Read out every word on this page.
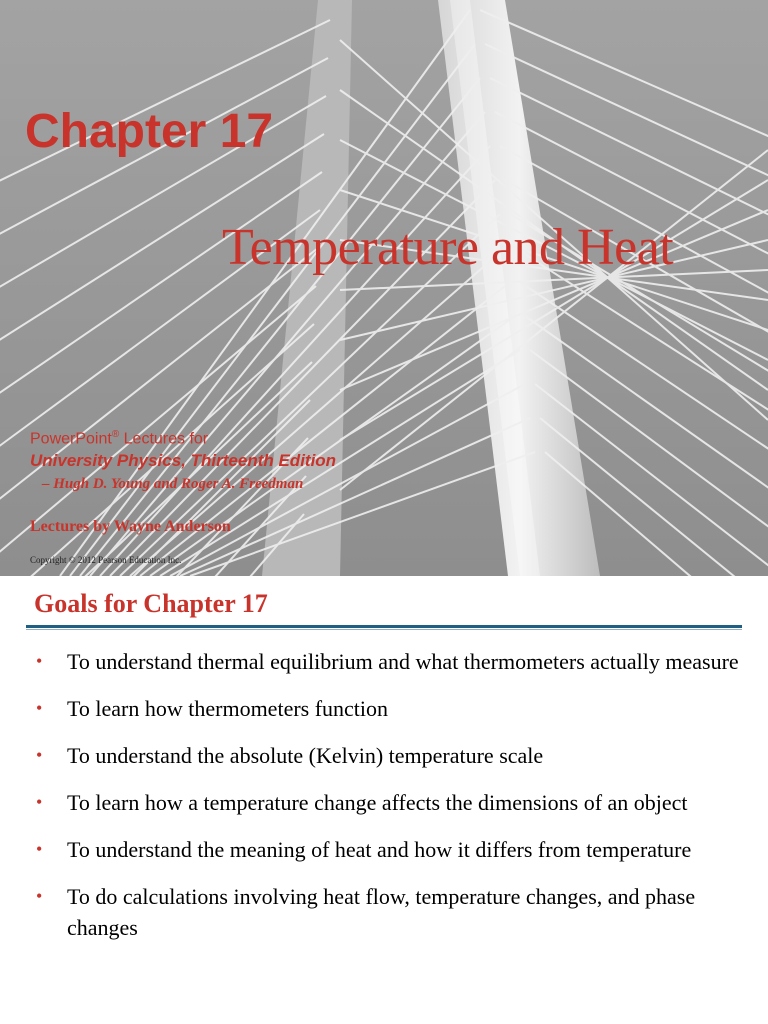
Chapter 17
Temperature and Heat
PowerPoint® Lectures for
University Physics, Thirteenth Edition
– Hugh D. Young and Roger A. Freedman
Lectures by Wayne Anderson
Copyright © 2012 Pearson Education Inc.
Goals for Chapter 17
• To understand thermal equilibrium and what thermometers actually measure
• To learn how thermometers function
• To understand the absolute (Kelvin) temperature scale
• To learn how a temperature change affects the dimensions of an object
• To understand the meaning of heat and how it differs from temperature
• To do calculations involving heat flow, temperature changes, and phase changes
